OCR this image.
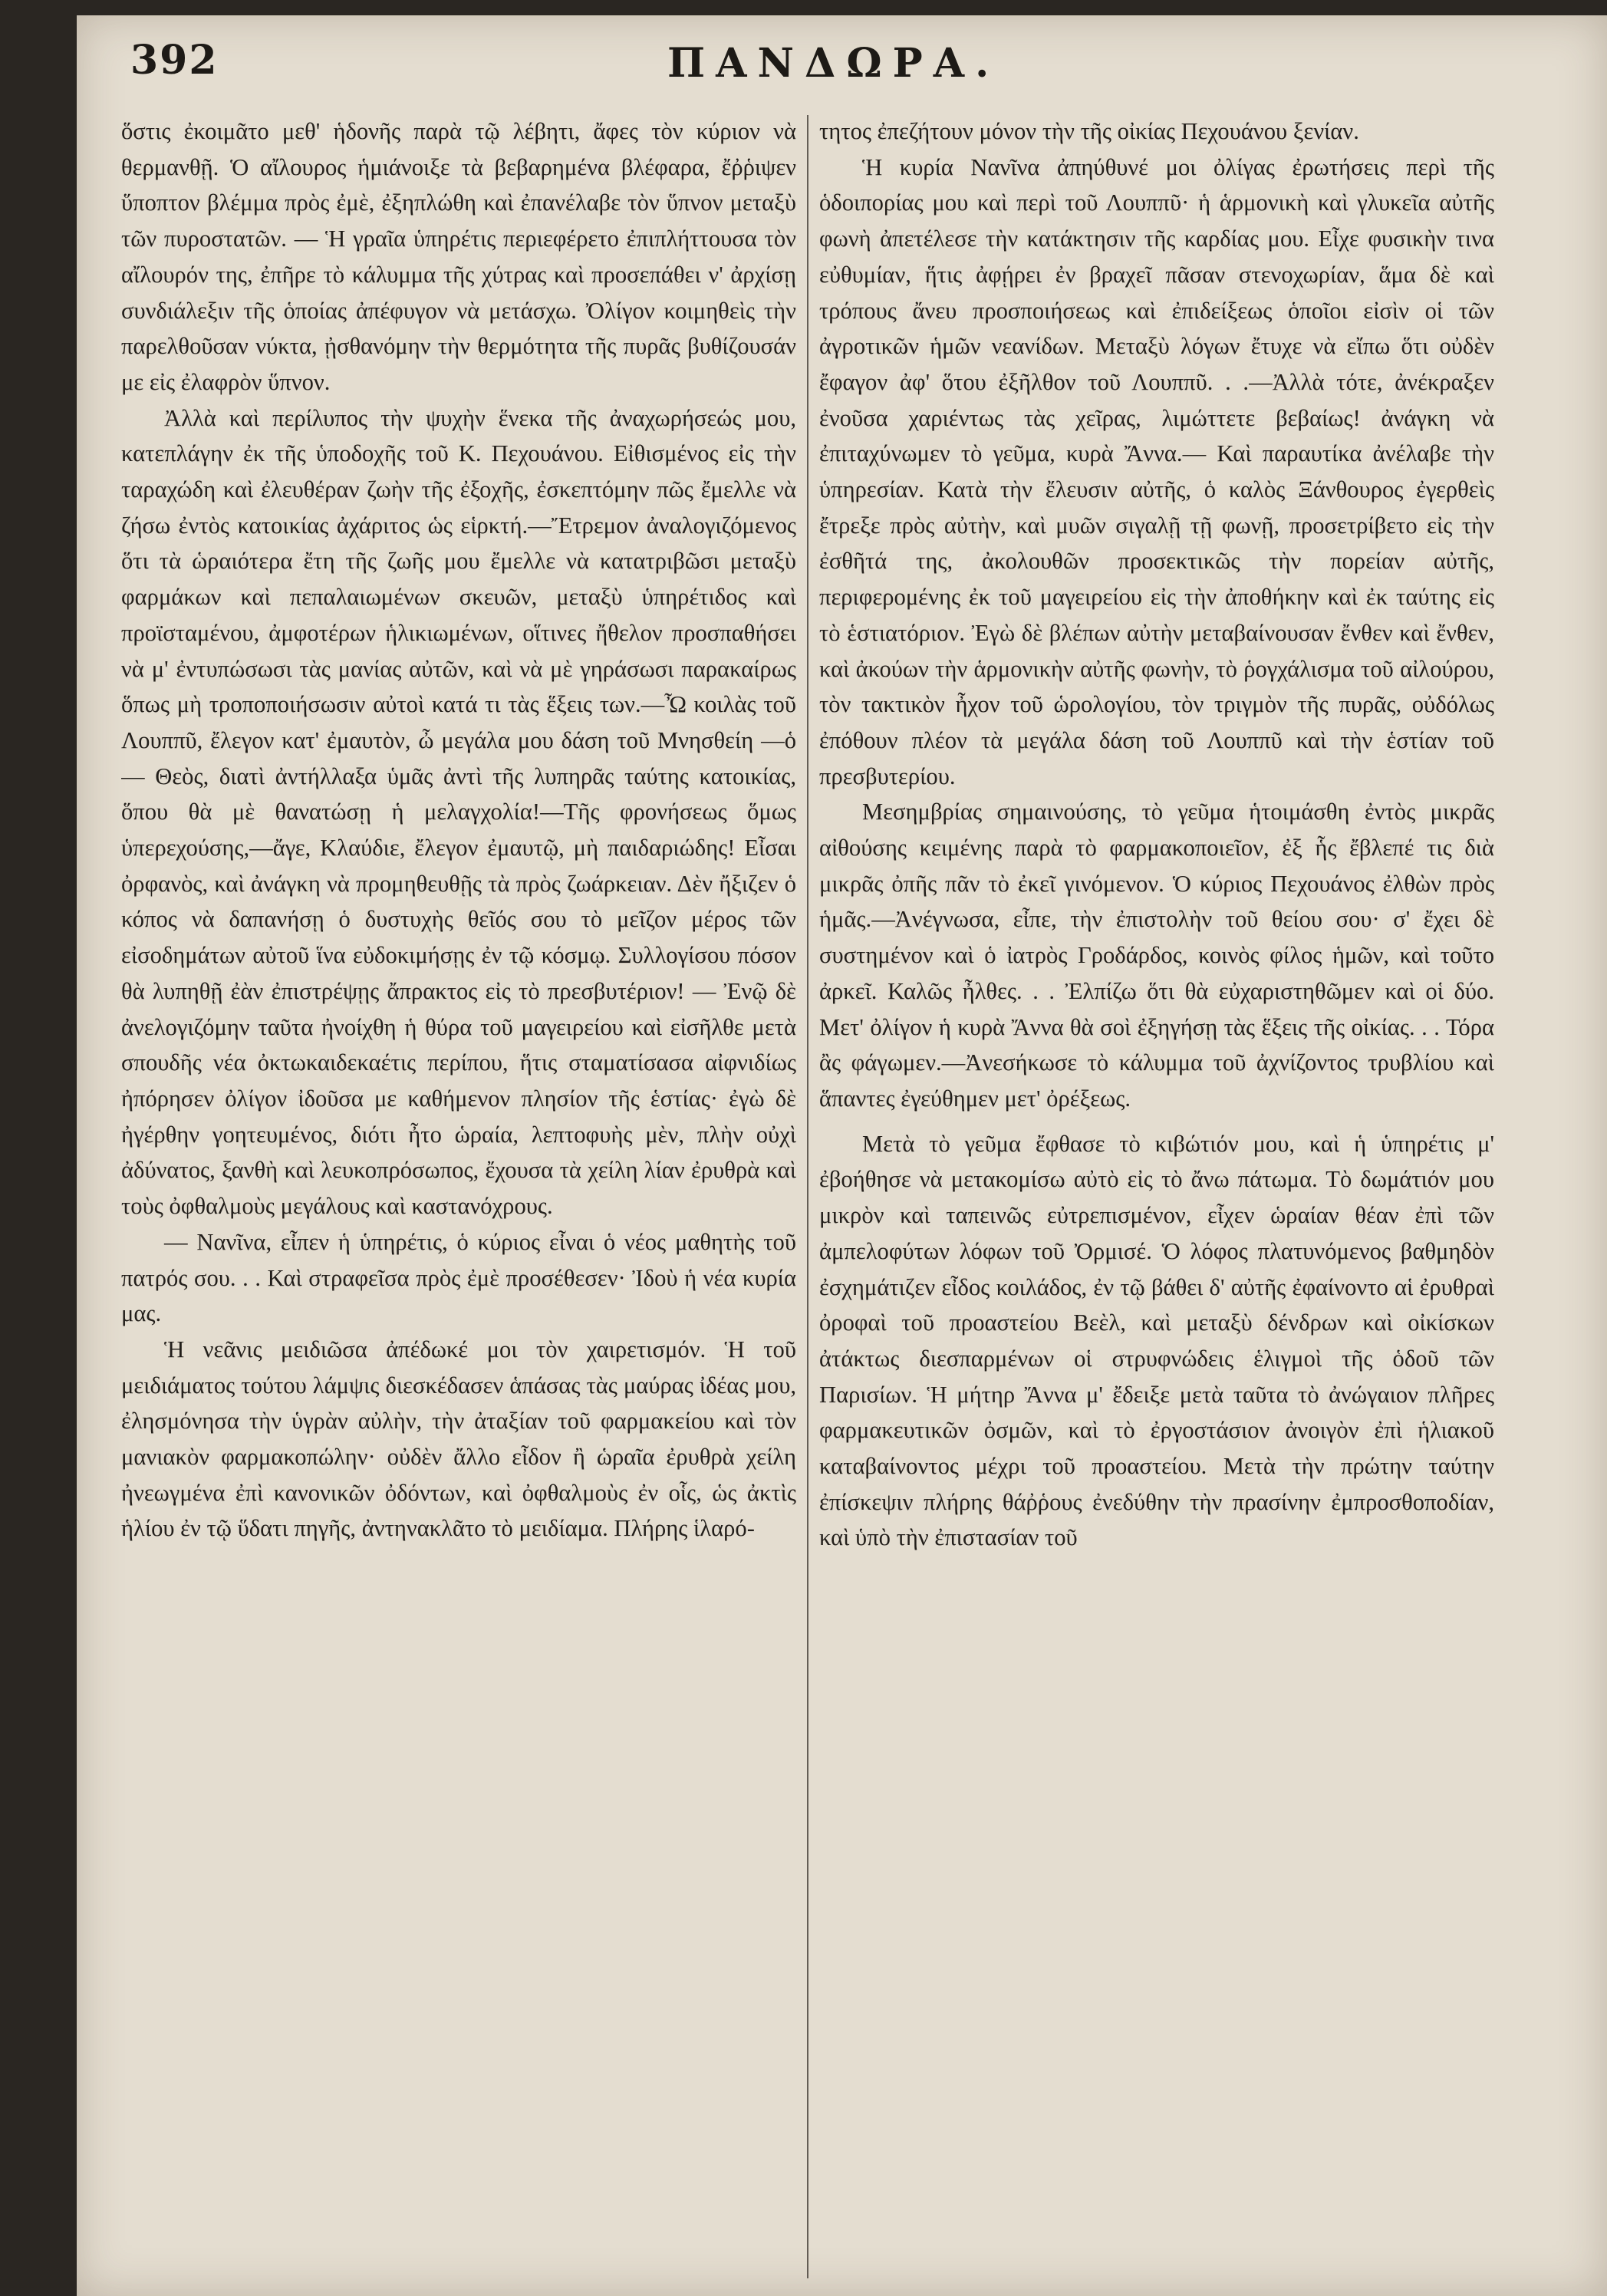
392	ΠΑΝΔΩΡΑ.

ὅστις ἐκοιμᾶτο μεθ' ἡδονῆς παρὰ τῷ λέβητι, ἄφες τὸν κύριον νὰ θερμανθῇ. Ὁ αἴλουρος ἡμιάνοιξε τὰ βεβαρημένα βλέφαρα, ἔῤῥιψεν ὕποπτον βλέμμα πρὸς ἐμὲ, ἐξηπλώθη καὶ ἐπανέλαβε τὸν ὕπνον μεταξὺ τῶν πυροστατῶν. — Ἡ γραῖα ὑπηρέτις περιεφέρετο ἐπιπλήττουσα τὸν αἴλουρόν της, ἐπῆρε τὸ κάλυμμα τῆς χύτρας καὶ προσεπάθει ν' ἀρχίσῃ συνδιάλεξιν τῆς ὁποίας ἀπέφυγον νὰ μετάσχω. Ὀλίγον κοιμηθεὶς τὴν παρελθοῦσαν νύκτα, ᾐσθανόμην τὴν θερμότητα τῆς πυρᾶς βυθίζουσάν με εἰς ἐλαφρὸν ὕπνον.

Ἀλλὰ καὶ περίλυπος τὴν ψυχὴν ἕνεκα τῆς ἀναχωρήσεώς μου, κατεπλάγην ἐκ τῆς ὑποδοχῆς τοῦ Κ. Πεχουάνου. Εἰθισμένος εἰς τὴν ταραχώδη καὶ ἐλευθέραν ζωὴν τῆς ἐξοχῆς, ἐσκεπτόμην πῶς ἔμελλε νὰ ζήσω ἐντὸς κατοικίας ἀχάριτος ὡς εἱρκτή.—Ἔτρεμον ἀναλογιζόμενος ὅτι τὰ ὡραιότερα ἔτη τῆς ζωῆς μου ἔμελλε νὰ κατατριβῶσι μεταξὺ φαρμάκων καὶ πεπαλαιωμένων σκευῶν, μεταξὺ ὑπηρέτιδος καὶ προϊσταμένου, ἀμφοτέρων ἡλικιωμένων, οἵτινες ἤθελον προσπαθήσει νὰ μ' ἐντυπώσωσι τὰς μανίας αὐτῶν, καὶ νὰ μὲ γηράσωσι παρακαίρως ὅπως μὴ τροποποιήσωσιν αὐτοὶ κατά τι τὰς ἕξεις των.—Ὦ κοιλὰς τοῦ Λουππῦ, ἔλεγον κατ' ἐμαυτὸν, ὦ μεγάλα μου δάση τοῦ Μνησθείη —ὁ— Θεὸς, διατὶ ἀντήλλαξα ὑμᾶς ἀντὶ τῆς λυπηρᾶς ταύτης κατοικίας, ὅπου θὰ μὲ θανατώσῃ ἡ μελαγχολία!—Τῆς φρονήσεως ὅμως ὑπερεχούσης,—ἄγε, Κλαύδιε, ἔλεγον ἐμαυτῷ, μὴ παιδαριώδης! Εἶσαι ὀρφανὸς, καὶ ἀνάγκη νὰ προμηθευθῇς τὰ πρὸς ζωάρκειαν. Δὲν ἤξιζεν ὁ κόπος νὰ δαπανήσῃ ὁ δυστυχὴς θεῖός σου τὸ μεῖζον μέρος τῶν εἰσοδημάτων αὐτοῦ ἵνα εὐδοκιμήσῃς ἐν τῷ κόσμῳ. Συλλογίσου πόσον θὰ λυπηθῇ ἐὰν ἐπιστρέψῃς ἄπρακτος εἰς τὸ πρεσβυτέριον! — Ἐνῷ δὲ ἀνελογιζόμην ταῦτα ἠνοίχθη ἡ θύρα τοῦ μαγειρείου καὶ εἰσῆλθε μετὰ σπουδῆς νέα ὀκτωκαιδεκαέτις περίπου, ἥτις σταματίσασα αἰφνιδίως ἠπόρησεν ὀλίγον ἰδοῦσα με καθήμενον πλησίον τῆς ἑστίας· ἐγὼ δὲ ἠγέρθην γοητευμένος, διότι ἦτο ὡραία, λεπτοφυὴς μὲν, πλὴν οὐχὶ ἀδύνατος, ξανθὴ καὶ λευκοπρόσωπος, ἔχουσα τὰ χείλη λίαν ἐρυθρὰ καὶ τοὺς ὀφθαλμοὺς μεγάλους καὶ καστανόχρους.

— Νανῖνα, εἶπεν ἡ ὑπηρέτις, ὁ κύριος εἶναι ὁ νέος μαθητὴς τοῦ πατρός σου. . . Καὶ στραφεῖσα πρὸς ἐμὲ προσέθεσεν· Ἰδοὺ ἡ νέα κυρία μας.

Ἡ νεᾶνις μειδιῶσα ἀπέδωκέ μοι τὸν χαιρετισμόν. Ἡ τοῦ μειδιάματος τούτου λάμψις διεσκέδασεν ἁπάσας τὰς μαύρας ἰδέας μου, ἐλησμόνησα τὴν ὑγρὰν αὐλὴν, τὴν ἀταξίαν τοῦ φαρμακείου καὶ τὸν μανιακὸν φαρμακοπώλην· οὐδὲν ἄλλο εἶδον ἢ ὡραῖα ἐρυθρὰ χείλη ἠνεωγμένα ἐπὶ κανονικῶν ὀδόντων, καὶ ὀφθαλμοὺς ἐν οἷς, ὡς ἀκτὶς ἡλίου ἐν τῷ ὕδατι πηγῆς, ἀντηνακλᾶτο τὸ μειδίαμα. Πλήρης ἱλαρό-

τητος ἐπεζήτουν μόνον τὴν τῆς οἰκίας Πεχουάνου ξενίαν.

Ἡ κυρία Νανῖνα ἀπηύθυνέ μοι ὀλίγας ἐρωτήσεις περὶ τῆς ὁδοιπορίας μου καὶ περὶ τοῦ Λουππῦ· ἡ ἁρμονικὴ καὶ γλυκεῖα αὐτῆς φωνὴ ἀπετέλεσε τὴν κατάκτησιν τῆς καρδίας μου. Εἶχε φυσικὴν τινα εὐθυμίαν, ἥτις ἀφῄρει ἐν βραχεῖ πᾶσαν στενοχωρίαν, ἅμα δὲ καὶ τρόπους ἄνευ προσποιήσεως καὶ ἐπιδείξεως ὁποῖοι εἰσὶν οἱ τῶν ἀγροτικῶν ἡμῶν νεανίδων. Μεταξὺ λόγων ἔτυχε νὰ εἴπω ὅτι οὐδὲν ἔφαγον ἀφ' ὅτου ἐξῆλθον τοῦ Λουππῦ. . .—Ἀλλὰ τότε, ἀνέκραξεν ἐνοῦσα χαριέντως τὰς χεῖρας, λιμώττετε βεβαίως! ἀνάγκη νὰ ἐπιταχύνωμεν τὸ γεῦμα, κυρὰ Ἄννα.— Καὶ παραυτίκα ἀνέλαβε τὴν ὑπηρεσίαν. Κατὰ τὴν ἔλευσιν αὐτῆς, ὁ καλὸς Ξάνθουρος ἐγερθεὶς ἔτρεξε πρὸς αὐτὴν, καὶ μυῶν σιγαλῇ τῇ φωνῇ, προσετρίβετο εἰς τὴν ἐσθῆτά της, ἀκολουθῶν προσεκτικῶς τὴν πορείαν αὐτῆς, περιφερομένης ἐκ τοῦ μαγειρείου εἰς τὴν ἀποθήκην καὶ ἐκ ταύτης εἰς τὸ ἑστιατόριον. Ἐγὼ δὲ βλέπων αὐτὴν μεταβαίνουσαν ἔνθεν καὶ ἔνθεν, καὶ ἀκούων τὴν ἁρμονικὴν αὐτῆς φωνὴν, τὸ ῥογχάλισμα τοῦ αἰλούρου, τὸν τακτικὸν ἦχον τοῦ ὡρολογίου, τὸν τριγμὸν τῆς πυρᾶς, οὐδόλως ἐπόθουν πλέον τὰ μεγάλα δάση τοῦ Λουππῦ καὶ τὴν ἑστίαν τοῦ πρεσβυτερίου.

Μεσημβρίας σημαινούσης, τὸ γεῦμα ἡτοιμάσθη ἐντὸς μικρᾶς αἰθούσης κειμένης παρὰ τὸ φαρμακοποιεῖον, ἐξ ἧς ἔβλεπέ τις διὰ μικρᾶς ὀπῆς πᾶν τὸ ἐκεῖ γινόμενον. Ὁ κύριος Πεχουάνος ἐλθὼν πρὸς ἡμᾶς.—Ἀνέγνωσα, εἶπε, τὴν ἐπιστολὴν τοῦ θείου σου· σ' ἔχει δὲ συστημένον καὶ ὁ ἰατρὸς Γροδάρδος, κοινὸς φίλος ἡμῶν, καὶ τοῦτο ἀρκεῖ. Καλῶς ἦλθες. . . Ἐλπίζω ὅτι θὰ εὐχαριστηθῶμεν καὶ οἱ δύο. Μετ' ὀλίγον ἡ κυρὰ Ἄννα θὰ σοὶ ἐξηγήσῃ τὰς ἕξεις τῆς οἰκίας. . . Τόρα ἂς φάγωμεν.—Ἀνεσήκωσε τὸ κάλυμμα τοῦ ἀχνίζοντος τρυβλίου καὶ ἅπαντες ἐγεύθημεν μετ' ὀρέξεως.

Μετὰ τὸ γεῦμα ἔφθασε τὸ κιβώτιόν μου, καὶ ἡ ὑπηρέτις μ' ἐβοήθησε νὰ μετακομίσω αὐτὸ εἰς τὸ ἄνω πάτωμα. Τὸ δωμάτιόν μου μικρὸν καὶ ταπεινῶς εὐτρεπισμένον, εἶχεν ὡραίαν θέαν ἐπὶ τῶν ἀμπελοφύτων λόφων τοῦ Ὀρμισέ. Ὁ λόφος πλατυνόμενος βαθμηδὸν ἐσχημάτιζεν εἶδος κοιλάδος, ἐν τῷ βάθει δ' αὐτῆς ἐφαίνοντο αἱ ἐρυθραὶ ὀροφαὶ τοῦ προαστείου Βεὲλ, καὶ μεταξὺ δένδρων καὶ οἰκίσκων ἀτάκτως διεσπαρμένων οἱ στρυφνώδεις ἑλιγμοὶ τῆς ὁδοῦ τῶν Παρισίων. Ἡ μήτηρ Ἄννα μ' ἔδειξε μετὰ ταῦτα τὸ ἀνώγαιον πλῆρες φαρμακευτικῶν ὀσμῶν, καὶ τὸ ἐργοστάσιον ἀνοιγὸν ἐπὶ ἡλιακοῦ καταβαίνοντος μέχρι τοῦ προαστείου. Μετὰ τὴν πρώτην ταύτην ἐπίσκεψιν πλήρης θάῤῥους ἐνεδύθην τὴν πρασίνην ἐμπροσθοποδίαν, καὶ ὑπὸ τὴν ἐπιστασίαν τοῦ
